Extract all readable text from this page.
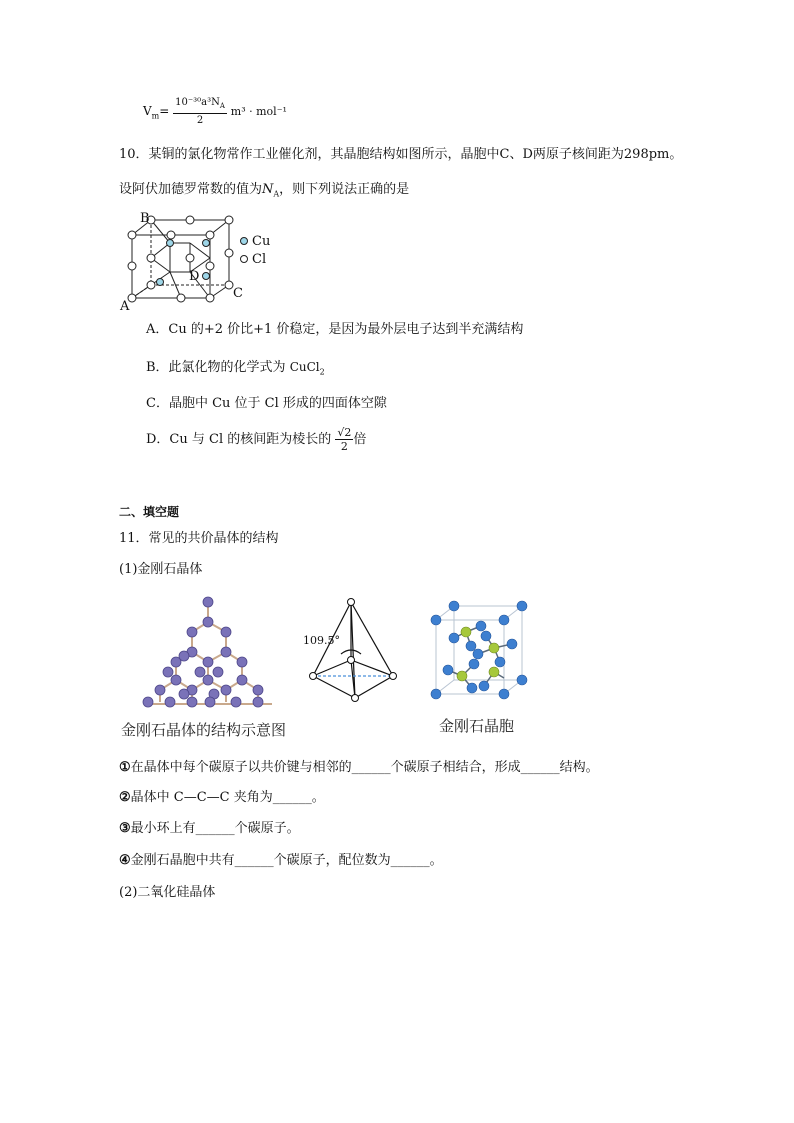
$V_m= \frac{10^{-30}a^3N_A}{2} m^3 \cdot mol^{-1}$
10．某铜的氯化物常作工业催化剂，其晶胞结构如图所示，晶胞中C、D两原子核间距为298pm。
设阿伏加德罗常数的值为$N_A$，则下列说法正确的是
Cu
Cl
B
A
C
D
A．Cu 的+2 价比+1 价稳定，是因为最外层电子达到半充满结构
B．此氯化物的化学式为 CuCl$_2$
C．晶胞中 Cu 位于 Cl 形成的四面体空隙
D．Cu 与 Cl 的核间距为棱长的 $\frac{√2}{2}$ 倍
二、填空题
11．常见的共价晶体的结构
(1)金刚石晶体
109.5°
金刚石晶体的结构示意图	金刚石晶胞
①在晶体中每个碳原子以共价键与相邻的______个碳原子相结合，形成______结构。
②晶体中 C—C—C 夹角为______。
③最小环上有______个碳原子。
④金刚石晶胞中共有______个碳原子，配位数为______。
(2)二氧化硅晶体
